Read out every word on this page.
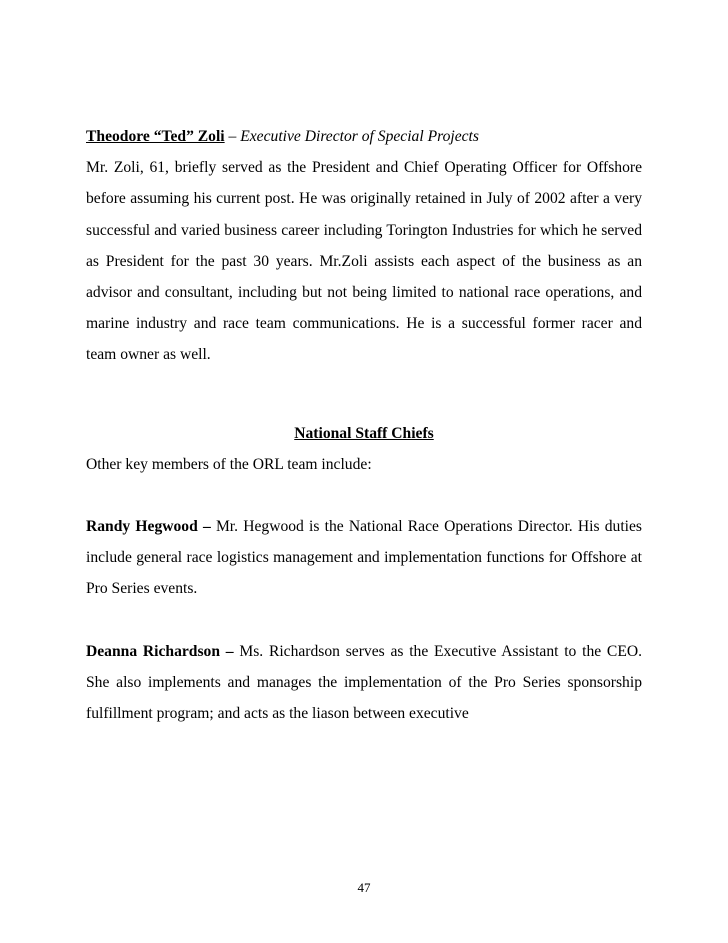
Theodore “Ted” Zoli – Executive Director of Special Projects

Mr. Zoli, 61, briefly served as the President and Chief Operating Officer for Offshore before assuming his current post. He was originally retained in July of 2002 after a very successful and varied business career including Torington Industries for which he served as President for the past 30 years. Mr.Zoli assists each aspect of the business as an advisor and consultant, including but not being limited to national race operations, and marine industry and race team communications. He is a successful former racer and team owner as well.

National Staff Chiefs

Other key members of the ORL team include:

Randy Hegwood – Mr. Hegwood is the National Race Operations Director. His duties include general race logistics management and implementation functions for Offshore at Pro Series events.

Deanna Richardson – Ms. Richardson serves as the Executive Assistant to the CEO. She also implements and manages the implementation of the Pro Series sponsorship fulfillment program; and acts as the liason between executive

47
